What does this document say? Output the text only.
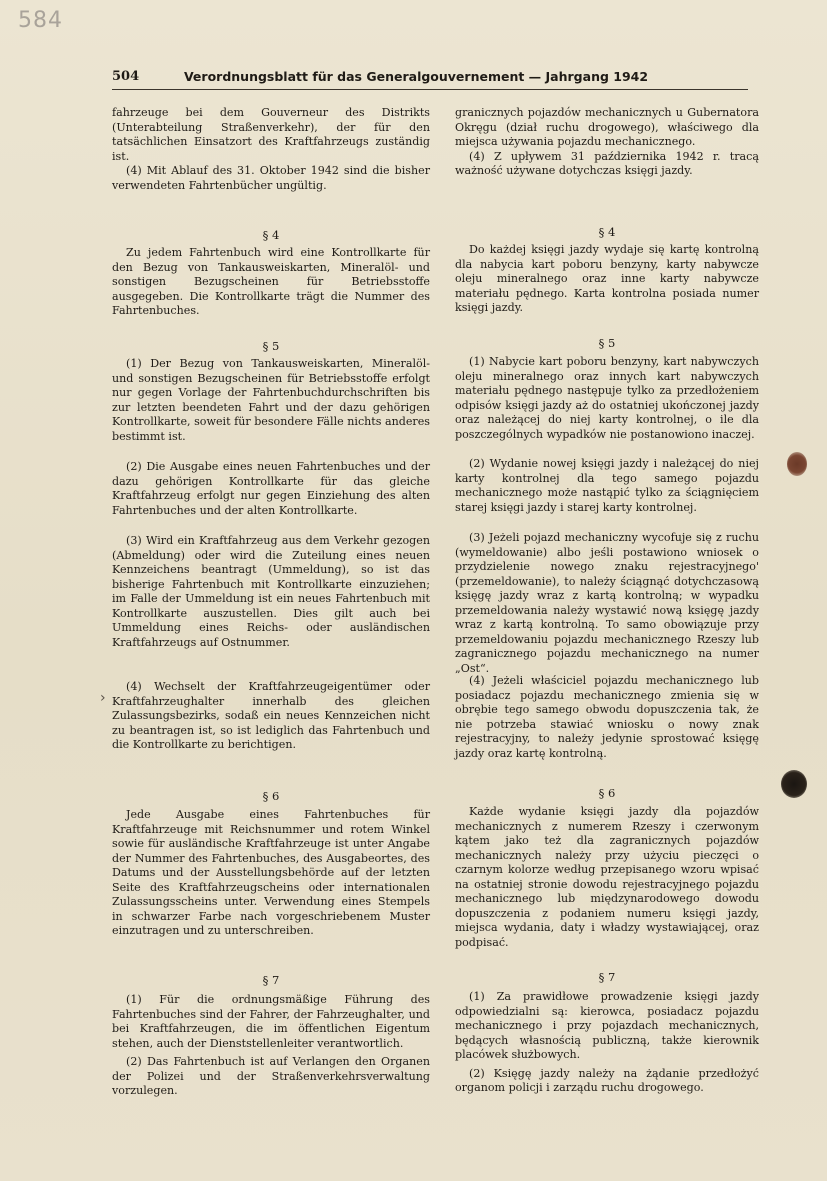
584
504	Verordnungsblatt für das Generalgouvernement — Jahrgang 1942

fahrzeuge bei dem Gouverneur des Distrikts (Unterabteilung Straßenverkehr), der für den tatsächlichen Einsatzort des Kraftfahrzeugs zuständig ist.

(4) Mit Ablauf des 31. Oktober 1942 sind die bisher verwendeten Fahrtenbücher ungültig.

§ 4

Zu jedem Fahrtenbuch wird eine Kontrollkarte für den Bezug von Tankausweiskarten, Mineralöl- und sonstigen Bezugscheinen für Betriebsstoffe ausgegeben. Die Kontrollkarte trägt die Nummer des Fahrtenbuches.

§ 5

(1) Der Bezug von Tankausweiskarten, Mineralöl- und sonstigen Bezugscheinen für Betriebsstoffe erfolgt nur gegen Vorlage der Fahrtenbuchdurchschriften bis zur letzten beendeten Fahrt und der dazu gehörigen Kontrollkarte, soweit für besondere Fälle nichts anderes bestimmt ist.

(2) Die Ausgabe eines neuen Fahrtenbuches und der dazu gehörigen Kontrollkarte für das gleiche Kraftfahrzeug erfolgt nur gegen Einziehung des alten Fahrtenbuches und der alten Kontrollkarte.

(3) Wird ein Kraftfahrzeug aus dem Verkehr gezogen (Abmeldung) oder wird die Zuteilung eines neuen Kennzeichens beantragt (Ummeldung), so ist das bisherige Fahrtenbuch mit Kontrollkarte einzuziehen; im Falle der Ummeldung ist ein neues Fahrtenbuch mit Kontrollkarte auszustellen. Dies gilt auch bei Ummeldung eines Reichs- oder ausländischen Kraftfahrzeugs auf Ostnummer.

(4) Wechselt der Kraftfahrzeugeigentümer oder Kraftfahrzeughalter innerhalb des gleichen Zulassungsbezirks, sodaß ein neues Kennzeichen nicht zu beantragen ist, so ist lediglich das Fahrtenbuch und die Kontrollkarte zu berichtigen.

§ 6

Jede Ausgabe eines Fahrtenbuches für Kraftfahrzeuge mit Reichsnummer und rotem Winkel sowie für ausländische Kraftfahrzeuge ist unter Angabe der Nummer des Fahrtenbuches, des Ausgabeortes, des Datums und der Ausstellungsbehörde auf der letzten Seite des Kraftfahrzeugscheins oder internationalen Zulassungsscheins unter. Verwendung eines Stempels in schwarzer Farbe nach vorgeschriebenem Muster einzutragen und zu unterschreiben.

§ 7

(1) Für die ordnungsmäßige Führung des Fahrtenbuches sind der Fahrer, der Fahrzeughalter, und bei Kraftfahrzeugen, die im öffentlichen Eigentum stehen, auch der Dienststellenleiter verantwortlich.

(2) Das Fahrtenbuch ist auf Verlangen den Organen der Polizei und der Straßenverkehrsverwaltung vorzulegen.

granicznych pojazdów mechanicznych u Gubernatora Okręgu (dział ruchu drogowego), właściwego dla miejsca używania pojazdu mechanicznego.

(4) Z upływem 31 października 1942 r. tracą ważność używane dotychczas księgi jazdy.

§ 4

Do każdej księgi jazdy wydaje się kartę kontrolną dla nabycia kart poboru benzyny, karty nabywcze oleju mineralnego oraz inne karty nabywcze materiału pędnego. Karta kontrolna posiada numer księgi jazdy.

§ 5

(1) Nabycie kart poboru benzyny, kart nabywczych oleju mineralnego oraz innych kart nabywczych materiału pędnego następuje tylko za przedłożeniem odpisów księgi jazdy aż do ostatniej ukończonej jazdy oraz należącej do niej karty kontrolnej, o ile dla poszczególnych wypadków nie postanowiono inaczej.

(2) Wydanie nowej księgi jazdy i należącej do niej karty kontrolnej dla tego samego pojazdu mechanicznego może nastąpić tylko za ściągnięciem starej księgi jazdy i starej karty kontrolnej.

(3) Jeżeli pojazd mechaniczny wycofuje się z ruchu (wymeldowanie) albo jeśli postawiono wniosek o przydzielenie nowego znaku rejestracyjnego' (przemeldowanie), to należy ściągnąć dotychczasową księgę jazdy wraz z kartą kontrolną; w wypadku przemeldowania należy wystawić nową księgę jazdy wraz z kartą kontrolną. To samo obowiązuje przy przemeldowaniu pojazdu mechanicznego Rzeszy lub zagranicznego pojazdu mechanicznego na numer „Ost“.

(4) Jeżeli właściciel pojazdu mechanicznego lub posiadacz pojazdu mechanicznego zmienia się w obrębie tego samego obwodu dopuszczenia tak, że nie potrzeba stawiać wniosku o nowy znak rejestracyjny, to należy jedynie sprostować księgę jazdy oraz kartę kontrolną.

§ 6

Każde wydanie księgi jazdy dla pojazdów mechanicznych z numerem Rzeszy i czerwonym kątem jako też dla zagranicznych pojazdów mechanicznych należy przy użyciu pieczęci o czarnym kolorze według przepisanego wzoru wpisać na ostatniej stronie dowodu rejestracyjnego pojazdu mechanicznego lub międzynarodowego dowodu dopuszczenia z podaniem numeru księgi jazdy, miejsca wydania, daty i władzy wystawiającej, oraz podpisać.

§ 7

(1) Za prawidłowe prowadzenie księgi jazdy odpowiedzialni są: kierowca, posiadacz pojazdu mechanicznego i przy pojazdach mechanicznych, będących własnością publiczną, także kierownik placówek służbowych.

(2) Księgę jazdy należy na żądanie przedłożyć organom policji i zarządu ruchu drogowego.

›
